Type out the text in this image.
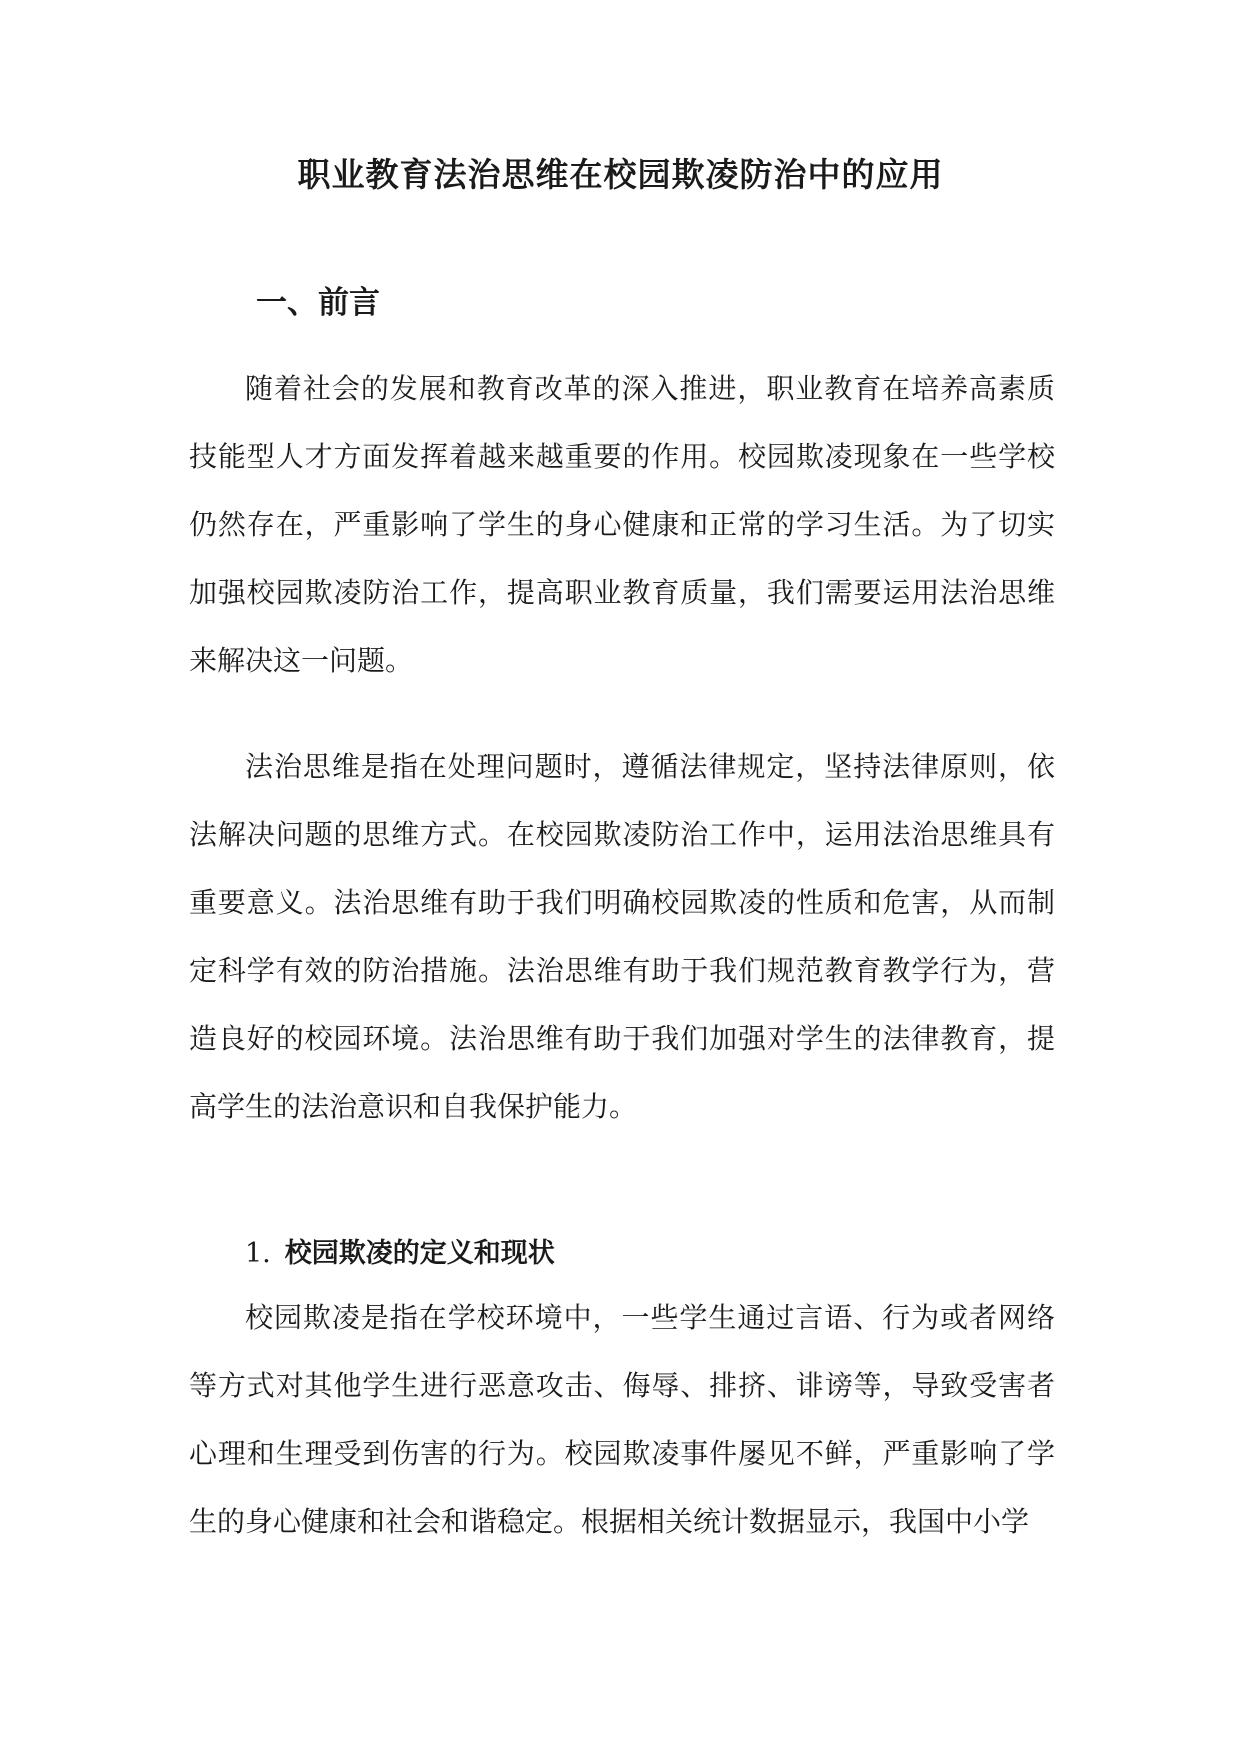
职业教育法治思维在校园欺凌防治中的应用
一、前言

随着社会的发展和教育改革的深入推进，职业教育在培养高素质技能型人才方面发挥着越来越重要的作用。校园欺凌现象在一些学校仍然存在，严重影响了学生的身心健康和正常的学习生活。为了切实加强校园欺凌防治工作，提高职业教育质量，我们需要运用法治思维来解决这一问题。

法治思维是指在处理问题时，遵循法律规定，坚持法律原则，依法解决问题的思维方式。在校园欺凌防治工作中，运用法治思维具有重要意义。法治思维有助于我们明确校园欺凌的性质和危害，从而制定科学有效的防治措施。法治思维有助于我们规范教育教学行为，营造良好的校园环境。法治思维有助于我们加强对学生的法律教育，提高学生的法治意识和自我保护能力。

1. 校园欺凌的定义和现状

校园欺凌是指在学校环境中，一些学生通过言语、行为或者网络等方式对其他学生进行恶意攻击、侮辱、排挤、诽谤等，导致受害者心理和生理受到伤害的行为。校园欺凌事件屡见不鲜，严重影响了学生的身心健康和社会和谐稳定。根据相关统计数据显示，我国中小学
